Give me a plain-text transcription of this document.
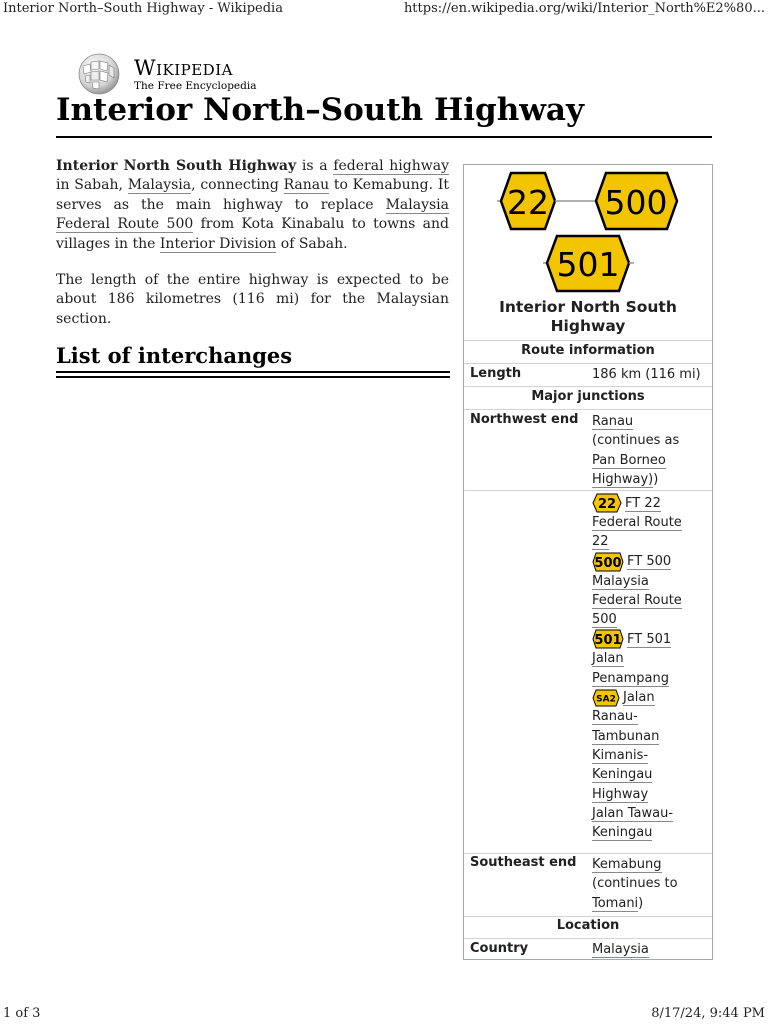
Interior North–South Highway - Wikipedia	https://en.wikipedia.org/wiki/Interior_North%E2%80...
Wikipedia
The Free Encyclopedia
Interior North–South Highway

Interior North South Highway is a federal highway in Sabah, Malaysia, connecting Ranau to Kemabung. It serves as the main highway to replace Malaysia Federal Route 500 from Kota Kinabalu to towns and villages in the Interior Division of Sabah.

The length of the entire highway is expected to be about 186 kilometres (116 mi) for the Malaysian section.

List of interchanges
22 500
501
Interior North South Highway
Route information
Length	186 km (116 mi)
Major junctions
Northwest end Ranau
(continues as
Pan Borneo
Highway))
22 FT 22
Federal Route
22
500 FT 500
Malaysia
Federal Route
500
501 FT 501
Jalan
Penampang
SA2 Jalan
Ranau-
Tambunan
Kimanis-
Keningau
Highway
Jalan Tawau-
Keningau
Southeast end Kemabung
(continues to
Tomani)
Location
Country	Malaysia
1 of 3	8/17/24, 9:44 PM
